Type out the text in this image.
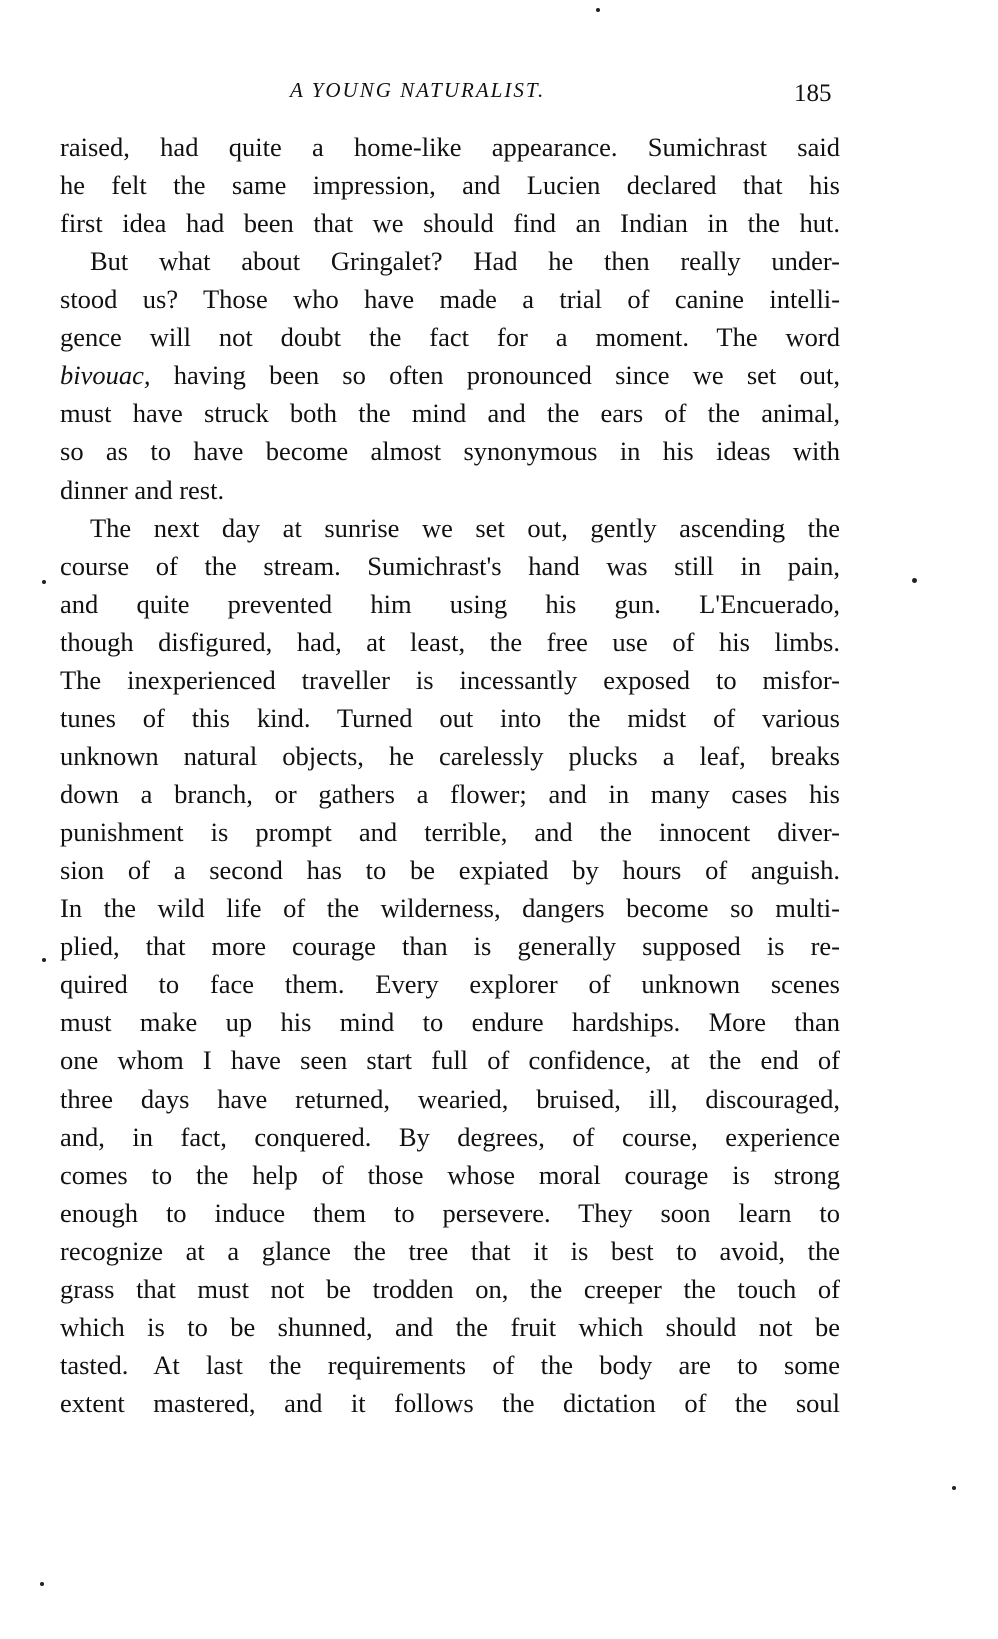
A YOUNG NATURALIST.	185
raised, had quite a home-like appearance. Sumichrast said
he felt the same impression, and Lucien declared that his
first idea had been that we should find an Indian in the hut.
But what about Gringalet? Had he then really under-
stood us? Those who have made a trial of canine intelli-
gence will not doubt the fact for a moment. The word
bivouac, having been so often pronounced since we set out,
must have struck both the mind and the ears of the animal,
so as to have become almost synonymous in his ideas with
dinner and rest.
The next day at sunrise we set out, gently ascending the
course of the stream. Sumichrast's hand was still in pain,
and quite prevented him using his gun. L'Encuerado,
though disfigured, had, at least, the free use of his limbs.
The inexperienced traveller is incessantly exposed to misfor-
tunes of this kind. Turned out into the midst of various
unknown natural objects, he carelessly plucks a leaf, breaks
down a branch, or gathers a flower; and in many cases his
punishment is prompt and terrible, and the innocent diver-
sion of a second has to be expiated by hours of anguish.
In the wild life of the wilderness, dangers become so multi-
plied, that more courage than is generally supposed is re-
quired to face them. Every explorer of unknown scenes
must make up his mind to endure hardships. More than
one whom I have seen start full of confidence, at the end of
three days have returned, wearied, bruised, ill, discouraged,
and, in fact, conquered. By degrees, of course, experience
comes to the help of those whose moral courage is strong
enough to induce them to persevere. They soon learn to
recognize at a glance the tree that it is best to avoid, the
grass that must not be trodden on, the creeper the touch of
which is to be shunned, and the fruit which should not be
tasted. At last the requirements of the body are to some
extent mastered, and it follows the dictation of the soul
